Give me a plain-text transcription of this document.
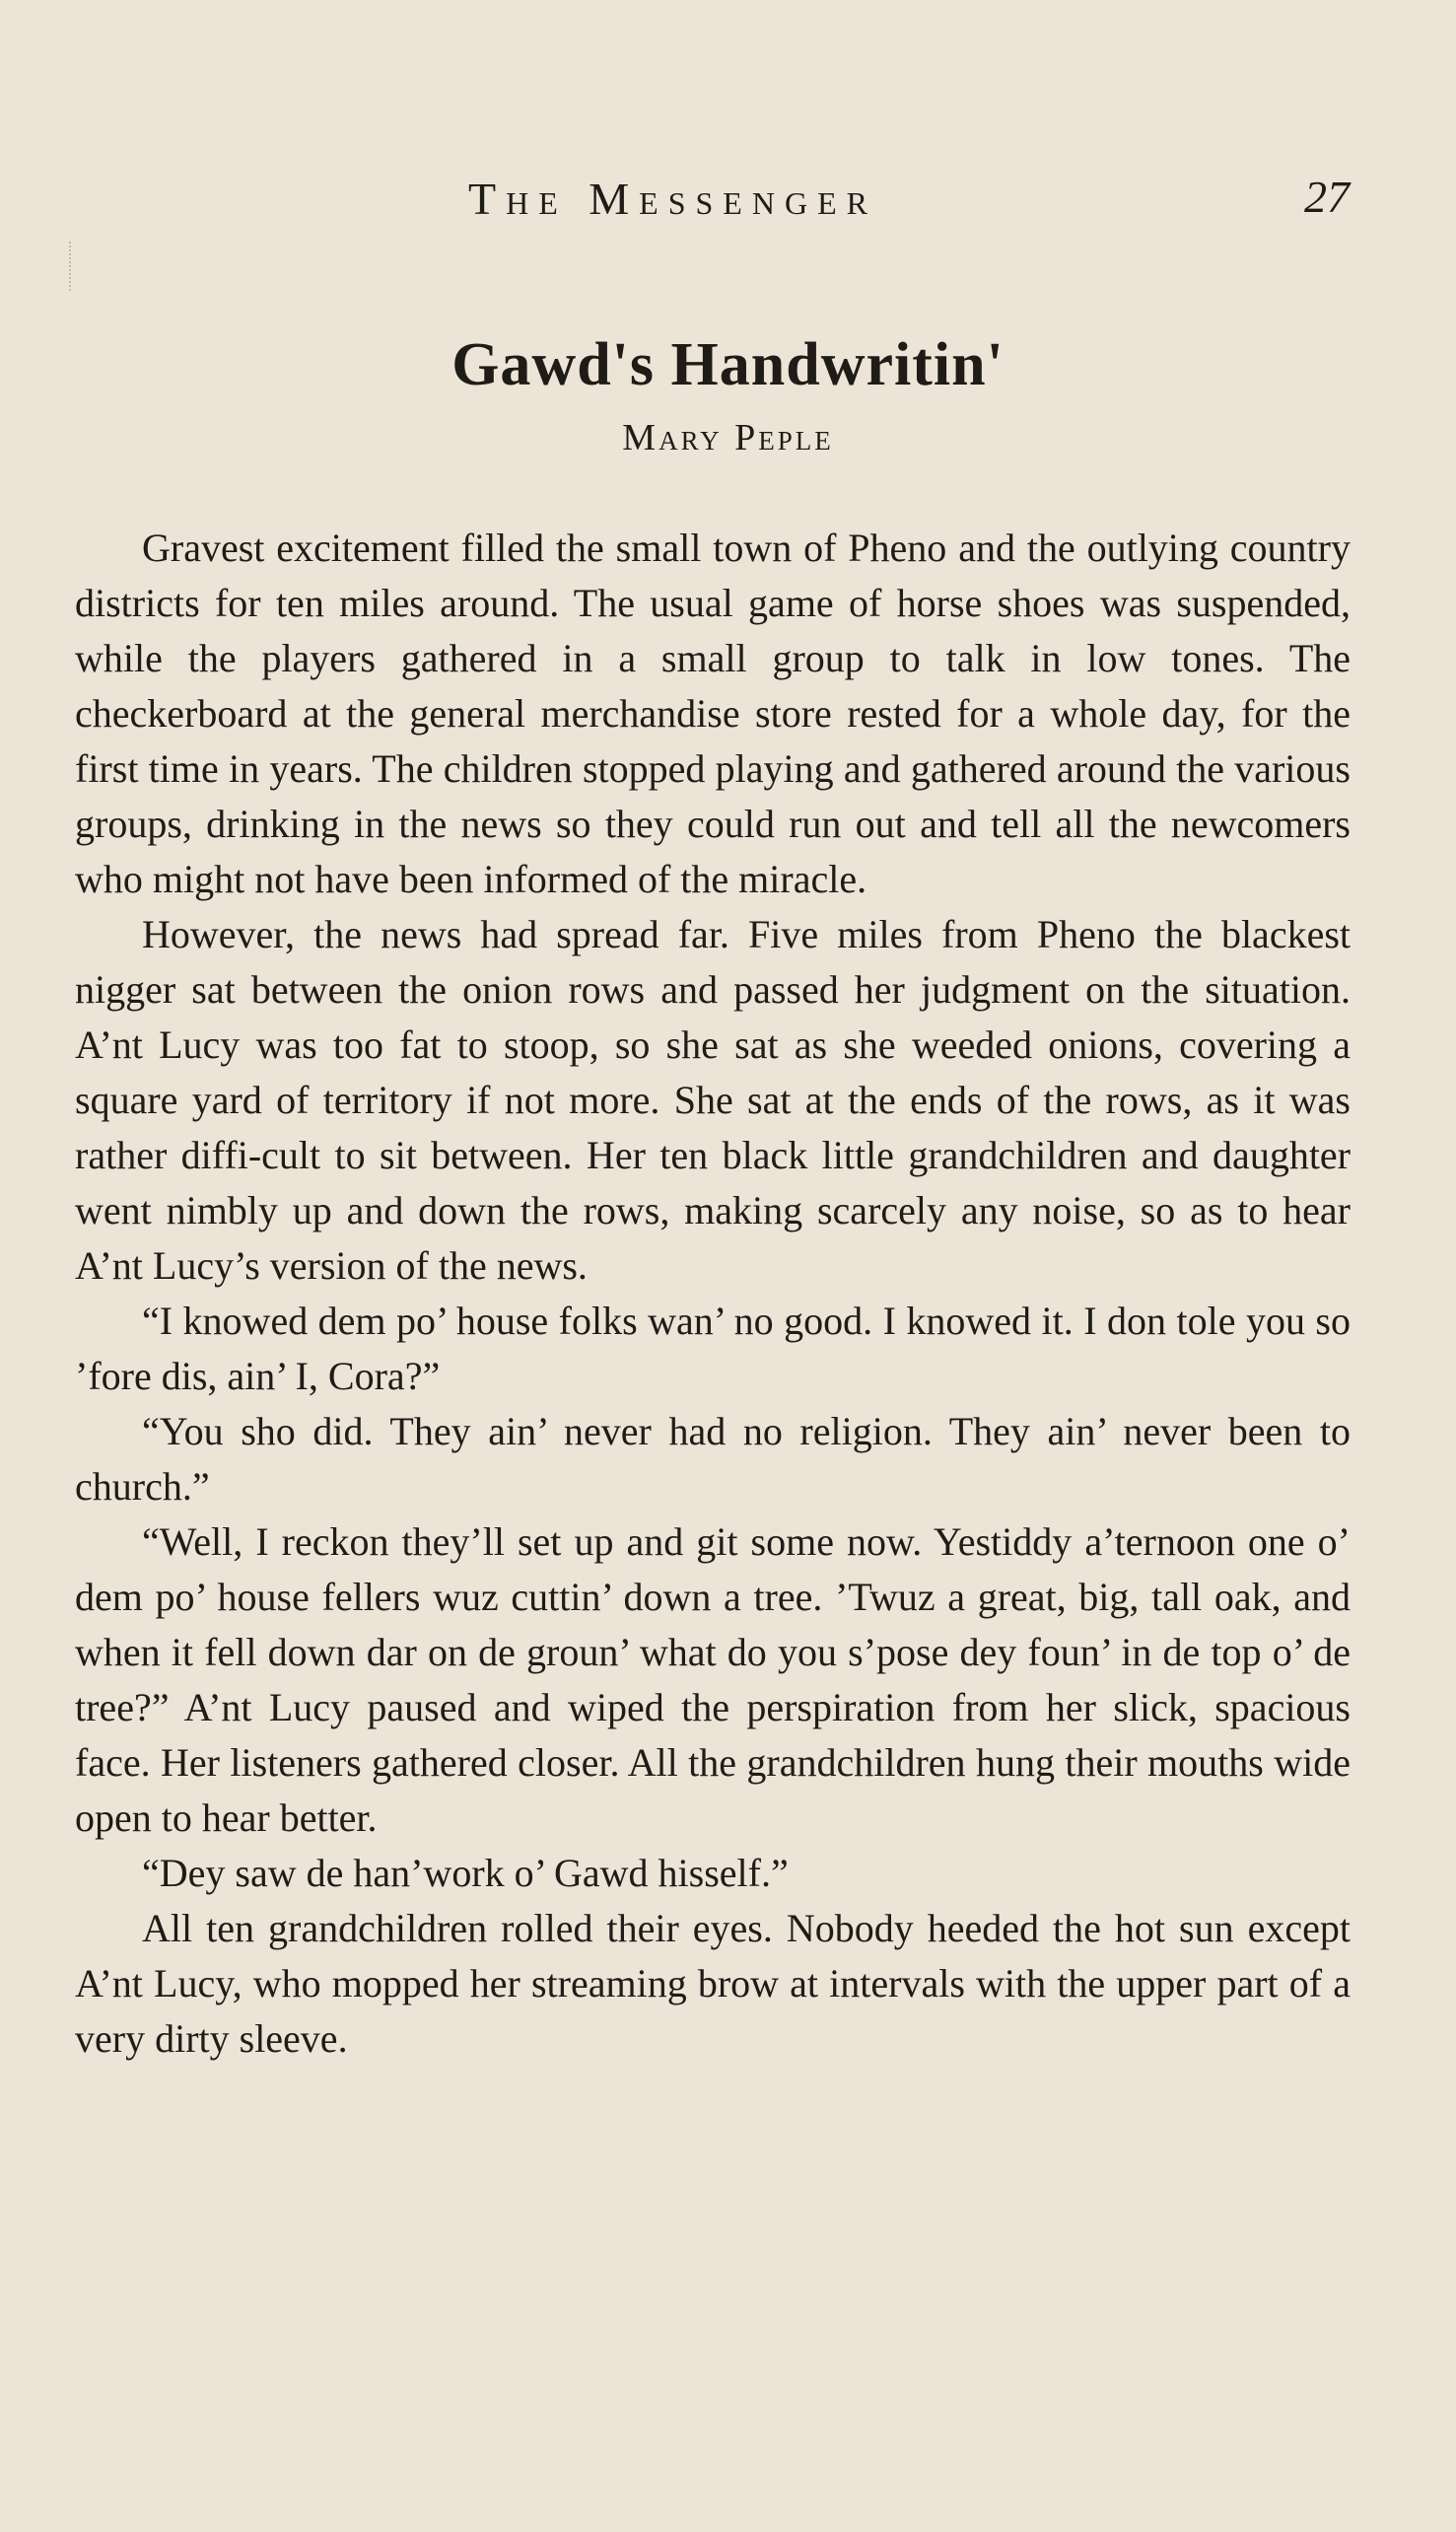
The Messenger	27
Gawd's Handwritin'
Mary Peple

Gravest excitement filled the small town of Pheno and the outlying country districts for ten miles around. The usual game of horse shoes was suspended, while the players gathered in a small group to talk in low tones. The checkerboard at the general merchandise store rested for a whole day, for the first time in years. The children stopped playing and gathered around the various groups, drinking in the news so they could run out and tell all the newcomers who might not have been informed of the miracle.

However, the news had spread far. Five miles from Pheno the blackest nigger sat between the onion rows and passed her judgment on the situation. A’nt Lucy was too fat to stoop, so she sat as she weeded onions, covering a square yard of territory if not more. She sat at the ends of the rows, as it was rather diffi-cult to sit between. Her ten black little grandchildren and daughter went nimbly up and down the rows, making scarcely any noise, so as to hear A’nt Lucy’s version of the news.

“I knowed dem po’ house folks wan’ no good. I knowed it. I don tole you so ’fore dis, ain’ I, Cora?”

“You sho did. They ain’ never had no religion. They ain’ never been to church.”

“Well, I reckon they’ll set up and git some now. Yestiddy a’ternoon one o’ dem po’ house fellers wuz cuttin’ down a tree. ’Twuz a great, big, tall oak, and when it fell down dar on de groun’ what do you s’pose dey foun’ in de top o’ de tree?” A’nt Lucy paused and wiped the perspiration from her slick, spacious face. Her listeners gathered closer. All the grandchildren hung their mouths wide open to hear better.

“Dey saw de han’work o’ Gawd hisself.”

All ten grandchildren rolled their eyes. Nobody heeded the hot sun except A’nt Lucy, who mopped her streaming brow at intervals with the upper part of a very dirty sleeve.
